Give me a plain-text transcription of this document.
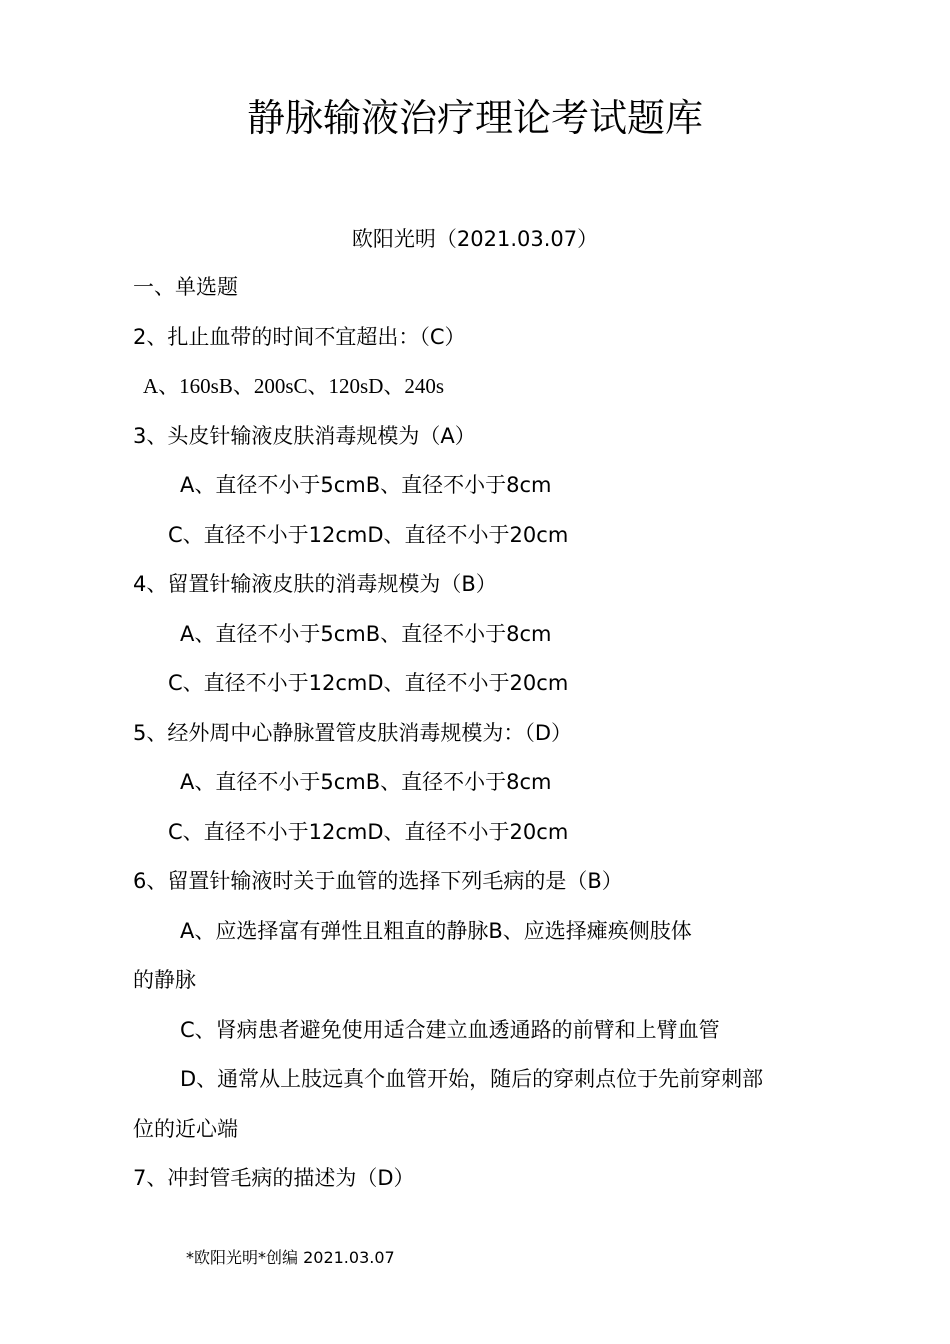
静脉输液治疗理论考试题库
欧阳光明（2021.03.07）
一、单选题
2、扎止血带的时间不宜超出：（C）
A、160sB、200sC、120sD、240s
3、头皮针输液皮肤消毒规模为（A）
A、直径不小于5cmB、直径不小于8cm
C、直径不小于12cmD、直径不小于20cm
4、留置针输液皮肤的消毒规模为（B）
A、直径不小于5cmB、直径不小于8cm
C、直径不小于12cmD、直径不小于20cm
5、经外周中心静脉置管皮肤消毒规模为：（D）
A、直径不小于5cmB、直径不小于8cm
C、直径不小于12cmD、直径不小于20cm
6、留置针输液时关于血管的选择下列毛病的是（B）
A、应选择富有弹性且粗直的静脉B、应选择瘫痪侧肢体
的静脉
C、肾病患者避免使用适合建立血透通路的前臂和上臂血管
D、通常从上肢远真个血管开始，随后的穿刺点位于先前穿刺部
位的近心端
7、冲封管毛病的描述为（D）
*欧阳光明*创编 2021.03.07
